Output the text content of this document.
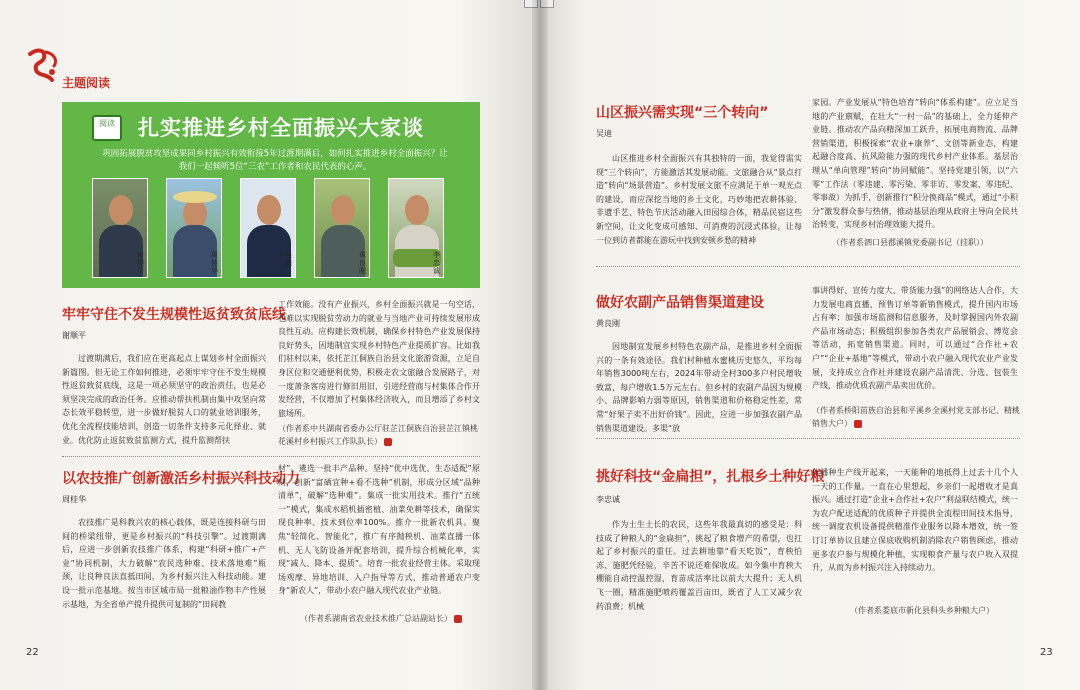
主题阅读
阅读	扎实推进乡村全面振兴大家谈
巩固拓展脱贫攻坚成果同乡村振兴有效衔接5年过渡期满后，如何扎实推进乡村全面振兴？让我们一起倾听5位“三农”工作者和农民代表的心声。
谢顺平
周桂华
吴迪
黄良刚
李忠诚
牢牢守住不发生规模性返贫致贫底线
谢顺平

过渡期满后，我们应在更高起点上谋划乡村全面振兴新篇图。但无论工作如何推进，必须牢牢守住不发生规模性返贫致贫底线，这是一项必须坚守的政治责任，也是必须坚决完成的政治任务。应推动帮扶机制由集中攻坚向常态长效平稳转型，进一步做好脱贫人口的就业培训服务，优化全流程技能培训，创造一切条件支持多元化择业、就业。优化防止返贫致贫监测方式，提升监测帮扶

工作效能。没有产业振兴，乡村全面振兴就是一句空话，也难以实现脱贫劳动力的就业与当地产业可持续发展形成良性互动。应构建长效机制，确保乡村特色产业发展保持良好势头，因地制宜实现乡村特色产业提质扩容。比如我们驻村以来，依托芷江侗族自治县文化旅游资源，立足自身区位和交通便利优势，积极走农文旅融合发展路子，对一度萧条客房进行修旧用旧，引进经营商与村集体合作开发经营，不仅增加了村集体经济收入，而且增添了乡村文旅场所。

（作者系中共湖南省委办公厅驻芷江侗族自治县芷江镇桃花溪村乡村振兴工作队队长）
以农技推广创新激活乡村振兴科技动力
周桂华

农技推广是科教兴农的核心载体，既是连接科研与田间的桥梁纽带，更是乡村振兴的“科技引擎”。过渡期满后，应进一步创新农技推广体系，构建“科研+推广+产业”协同机制，大力破解“农民选种难、技术落地难”瓶颈，让良种良法直抵田间，为乡村振兴注入科技动能。建设一批示范基地。按当市区城市局一批粮油作物丰产性展示基地，为全省单产提升提供可复制的“田间教

材”。遴选一批丰产品种。坚持“优中选优、生态适配”原则，创新“富硒宜种+看不选种”机制，形成分区域“品种清单”，破解“选种难”。集成一批实用技术。推行“五统一”模式，集成水稻机插密植、油菜免耕等技术，确保实现良种率、技术到位率100%。推介一批新农机具。聚焦“轻简化、智能化”，推广有序抛秧机、油菜直播一体机、无人飞防设备并配套培训，提升综合机械化率，实现“减人、降本、提质”。培育一批农业经营主体。采取现场观摩、异地培训、入户指导等方式，推动普通农户变身“新农人”，带动小农户融入现代农业产业链。

（作者系湖南省农业技术推广总站副站长）
22
山区振兴需实现“三个转向”
吴迪

山区推进乡村全面振兴有其独特的一面，我觉得需实现“三个转向”，方能激活其发展动能。文旅融合从“景点打造”转向“场景营造”。乡村发展文旅不应满足于单一观光点的建设，而应深挖当地的乡土文化，巧妙地把农耕体验、非遗手艺、特色节庆活动融入田园综合体，精品民宿这些新空间，让文化变成可感知、可消费的沉浸式体验，让每一位到访者都能在游玩中找到安顿乡愁的精神

家园。产业发展从“特色培育”转向“体系构建”。应立足当地的产业禀赋，在壮大“一村一品”的基础上，全力延伸产业链。推动农产品向精深加工跃升，拓展电商物流、品牌营销渠道，积极探索“农业+康养”、文创等新业态，构建起融合度高、抗风险能力强的现代乡村产业体系。基层治理从“单向管理”转向“协同赋能”。坚持党建引领，以“六零”工作法（零违建、零污染、零非访、零发案、零违纪、零事故）为抓手，创新推行“积分换商品”模式，通过“小积分”激发群众参与热情，推动基层治理从政府主导向全民共治转变，实现乡村治理效能大提升。

（作者系泗口县郡溪镇党委副书记（挂职））
做好农副产品销售渠道建设
黄良刚

因地制宜发展乡村特色农副产品，是推进乡村全面振兴的一条有效途径。我们村种植水蜜桃历史悠久，平均每年销售3000吨左右，2024年带动全村300多户村民增收致富，每户增收1.5万元左右。但乡村的农副产品因为规模小、品牌影响力弱等原因，销售渠道和价格稳定性差，常常“好果子卖不出好价钱”。因此，应进一步加强农副产品销售渠道建设。多渠“放

事讲得好、宣传力度大、带货能力强”的网络达人合作，大力发展电商直播、预售订单等新销售模式，提升国内市场占有率；加强市场监测和信息服务，及时掌握国内外农副产品市场动态；积极组织参加各类农产品展销会、博览会等活动，拓宽销售渠道。同时，可以通过“合作社+农户”“企业+基地”等模式，带动小农户融入现代农业产业发展，支持成立合作社并建设农副产品清洗、分选、包装生产线，推动优质农副产品卖出优价。

（作者系桥阳苗族自治县和平溪乡全溪村党支部书记、精桃销售大户）
挑好科技“金扁担”，扎根乡土种好粮
李忠诚

作为土生土长的农民，这些年我最真切的感受是：科技成了种粮人的“金扁担”，挑起了粮食增产的希望，也扛起了乡村振兴的重任。过去耕地靠“看天吃饭”，育秧怕冻、施肥凭经验，辛苦不说还难保收成。如今集中育秧大棚能自动控温控湿，育苗成活率比以前大大提升；无人机飞一圈，精准施肥喷药覆盖百亩田，既省了人工又减少农药浪费；机械

化播种生产线开起来，一天能种的地抵得上过去十几个人一天的工作量。一直在心里想起，乡亲们一起增收才是真振兴。通过打造“企业+合作社+农户”利益联结模式，统一为农户配送适配的优质种子并提供全流程田间技术指导，统一调度农机设备提供精准作业服务以降本增效，统一签订订单协议且建立保底收购机制消除农户销售顾虑，推动更多农户参与规模化种植，实现粮食产量与农户收入双提升，从而为乡村振兴注入持续动力。

（作者系娄底市新化县科头乡种粮大户）
23
